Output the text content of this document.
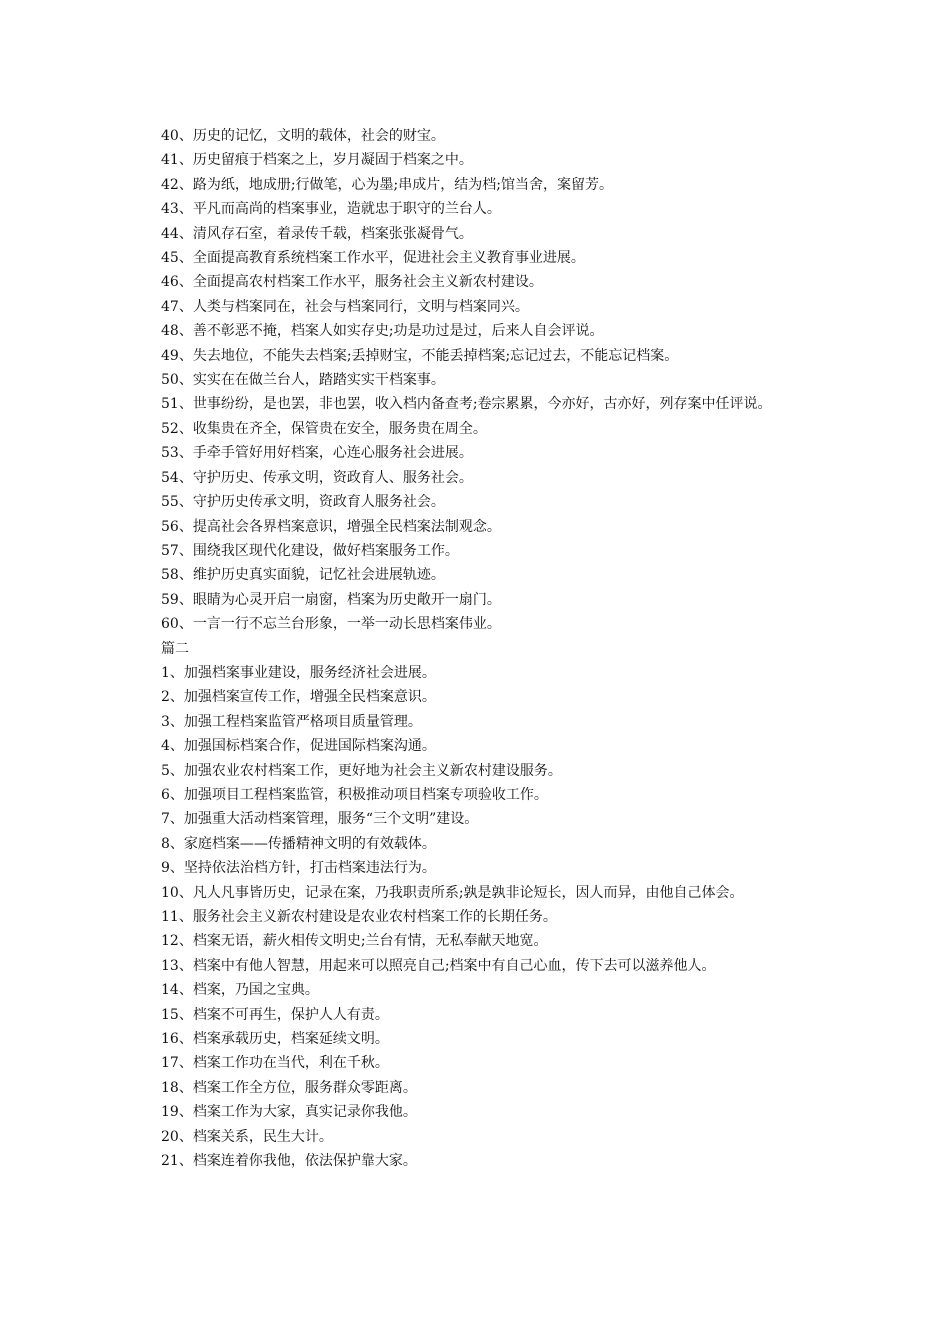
40、历史的记忆，文明的载体，社会的财宝。
41、历史留痕于档案之上，岁月凝固于档案之中。
42、路为纸，地成册;行做笔，心为墨;串成片，结为档;馆当舍，案留芳。
43、平凡而高尚的档案事业，造就忠于职守的兰台人。
44、清风存石室，着录传千载，档案张张凝骨气。
45、全面提高教育系统档案工作水平，促进社会主义教育事业进展。
46、全面提高农村档案工作水平，服务社会主义新农村建设。
47、人类与档案同在，社会与档案同行，文明与档案同兴。
48、善不彰恶不掩，档案人如实存史;功是功过是过，后来人自会评说。
49、失去地位，不能失去档案;丢掉财宝，不能丢掉档案;忘记过去，不能忘记档案。
50、实实在在做兰台人，踏踏实实干档案事。
51、世事纷纷，是也罢，非也罢，收入档内备查考;卷宗累累，今亦好，古亦好，列存案中任评说。
52、收集贵在齐全，保管贵在安全，服务贵在周全。
53、手牵手管好用好档案，心连心服务社会进展。
54、守护历史、传承文明，资政育人、服务社会。
55、守护历史传承文明，资政育人服务社会。
56、提高社会各界档案意识，增强全民档案法制观念。
57、围绕我区现代化建设，做好档案服务工作。
58、维护历史真实面貌，记忆社会进展轨迹。
59、眼睛为心灵开启一扇窗，档案为历史敞开一扇门。
60、一言一行不忘兰台形象，一举一动长思档案伟业。
篇二
1、加强档案事业建设，服务经济社会进展。
2、加强档案宣传工作，增强全民档案意识。
3、加强工程档案监管严格项目质量管理。
4、加强国标档案合作，促进国际档案沟通。
5、加强农业农村档案工作，更好地为社会主义新农村建设服务。
6、加强项目工程档案监管，积极推动项目档案专项验收工作。
7、加强重大活动档案管理，服务“三个文明”建设。
8、家庭档案——传播精神文明的有效载体。
9、坚持依法治档方针，打击档案违法行为。
10、凡人凡事皆历史，记录在案，乃我职责所系;孰是孰非论短长，因人而异，由他自己体会。
11、服务社会主义新农村建设是农业农村档案工作的长期任务。
12、档案无语，薪火相传文明史;兰台有情，无私奉献天地宽。
13、档案中有他人智慧，用起来可以照亮自己;档案中有自己心血，传下去可以滋养他人。
14、档案，乃国之宝典。
15、档案不可再生，保护人人有责。
16、档案承载历史，档案延续文明。
17、档案工作功在当代，利在千秋。
18、档案工作全方位，服务群众零距离。
19、档案工作为大家，真实记录你我他。
20、档案关系，民生大计。
21、档案连着你我他，依法保护靠大家。
